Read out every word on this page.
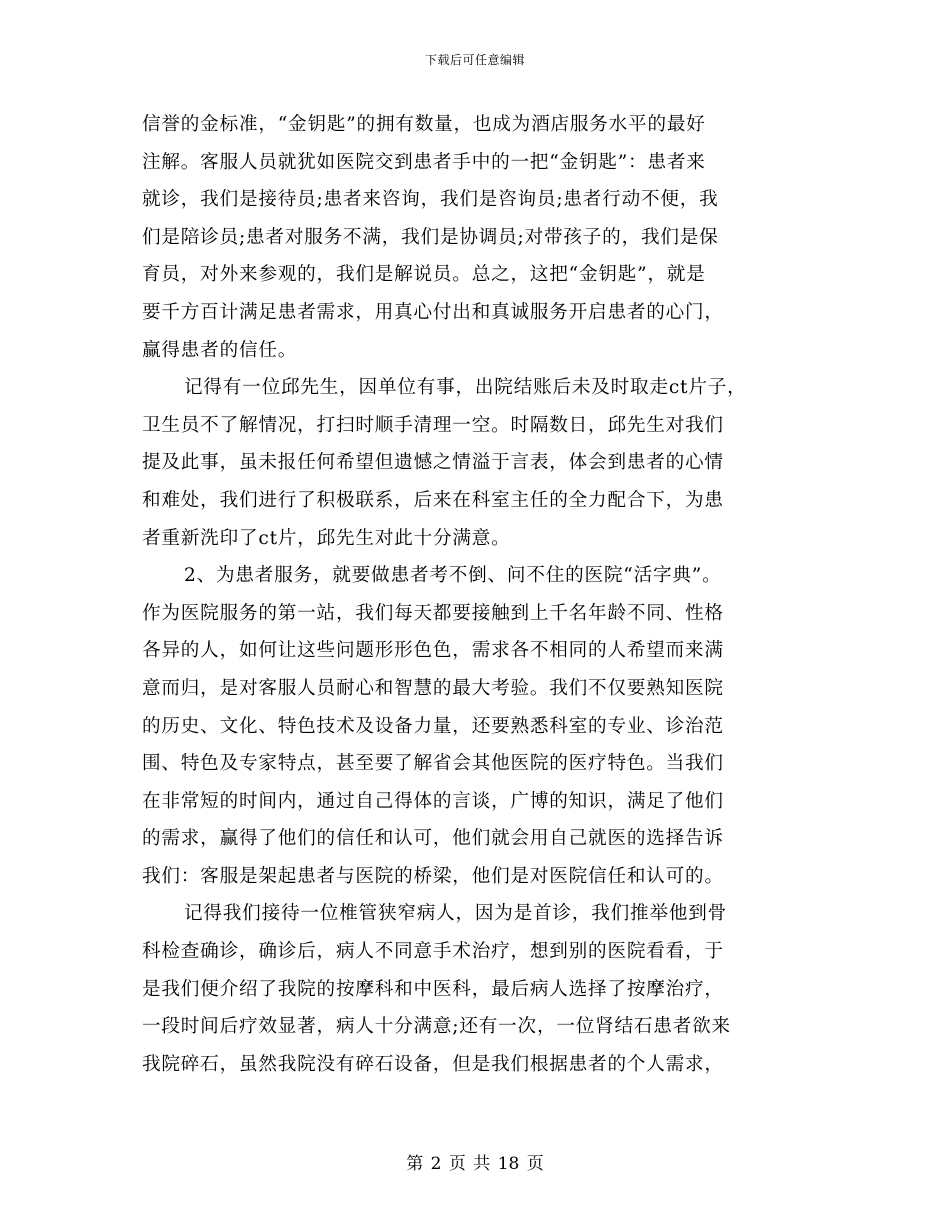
下载后可任意编辑
信誉的金标准，“金钥匙”的拥有数量，也成为酒店服务水平的最好
注解。客服人员就犹如医院交到患者手中的一把“金钥匙”：患者来
就诊，我们是接待员;患者来咨询，我们是咨询员;患者行动不便，我
们是陪诊员;患者对服务不满，我们是协调员;对带孩子的，我们是保
育员，对外来参观的，我们是解说员。总之，这把“金钥匙”，就是
要千方百计满足患者需求，用真心付出和真诚服务开启患者的心门，
赢得患者的信任。
记得有一位邱先生，因单位有事，出院结账后未及时取走ct片子，
卫生员不了解情况，打扫时顺手清理一空。时隔数日，邱先生对我们
提及此事，虽未报任何希望但遗憾之情溢于言表，体会到患者的心情
和难处，我们进行了积极联系，后来在科室主任的全力配合下，为患
者重新洗印了ct片，邱先生对此十分满意。
2、为患者服务，就要做患者考不倒、问不住的医院“活字典”。
作为医院服务的第一站，我们每天都要接触到上千名年龄不同、性格
各异的人，如何让这些问题形形色色，需求各不相同的人希望而来满
意而归，是对客服人员耐心和智慧的最大考验。我们不仅要熟知医院
的历史、文化、特色技术及设备力量，还要熟悉科室的专业、诊治范
围、特色及专家特点，甚至要了解省会其他医院的医疗特色。当我们
在非常短的时间内，通过自己得体的言谈，广博的知识，满足了他们
的需求，赢得了他们的信任和认可，他们就会用自己就医的选择告诉
我们：客服是架起患者与医院的桥梁，他们是对医院信任和认可的。
记得我们接待一位椎管狭窄病人，因为是首诊，我们推举他到骨
科检查确诊，确诊后，病人不同意手术治疗，想到别的医院看看，于
是我们便介绍了我院的按摩科和中医科，最后病人选择了按摩治疗，
一段时间后疗效显著，病人十分满意;还有一次，一位肾结石患者欲来
我院碎石，虽然我院没有碎石设备，但是我们根据患者的个人需求，
第 2 页 共 18 页
